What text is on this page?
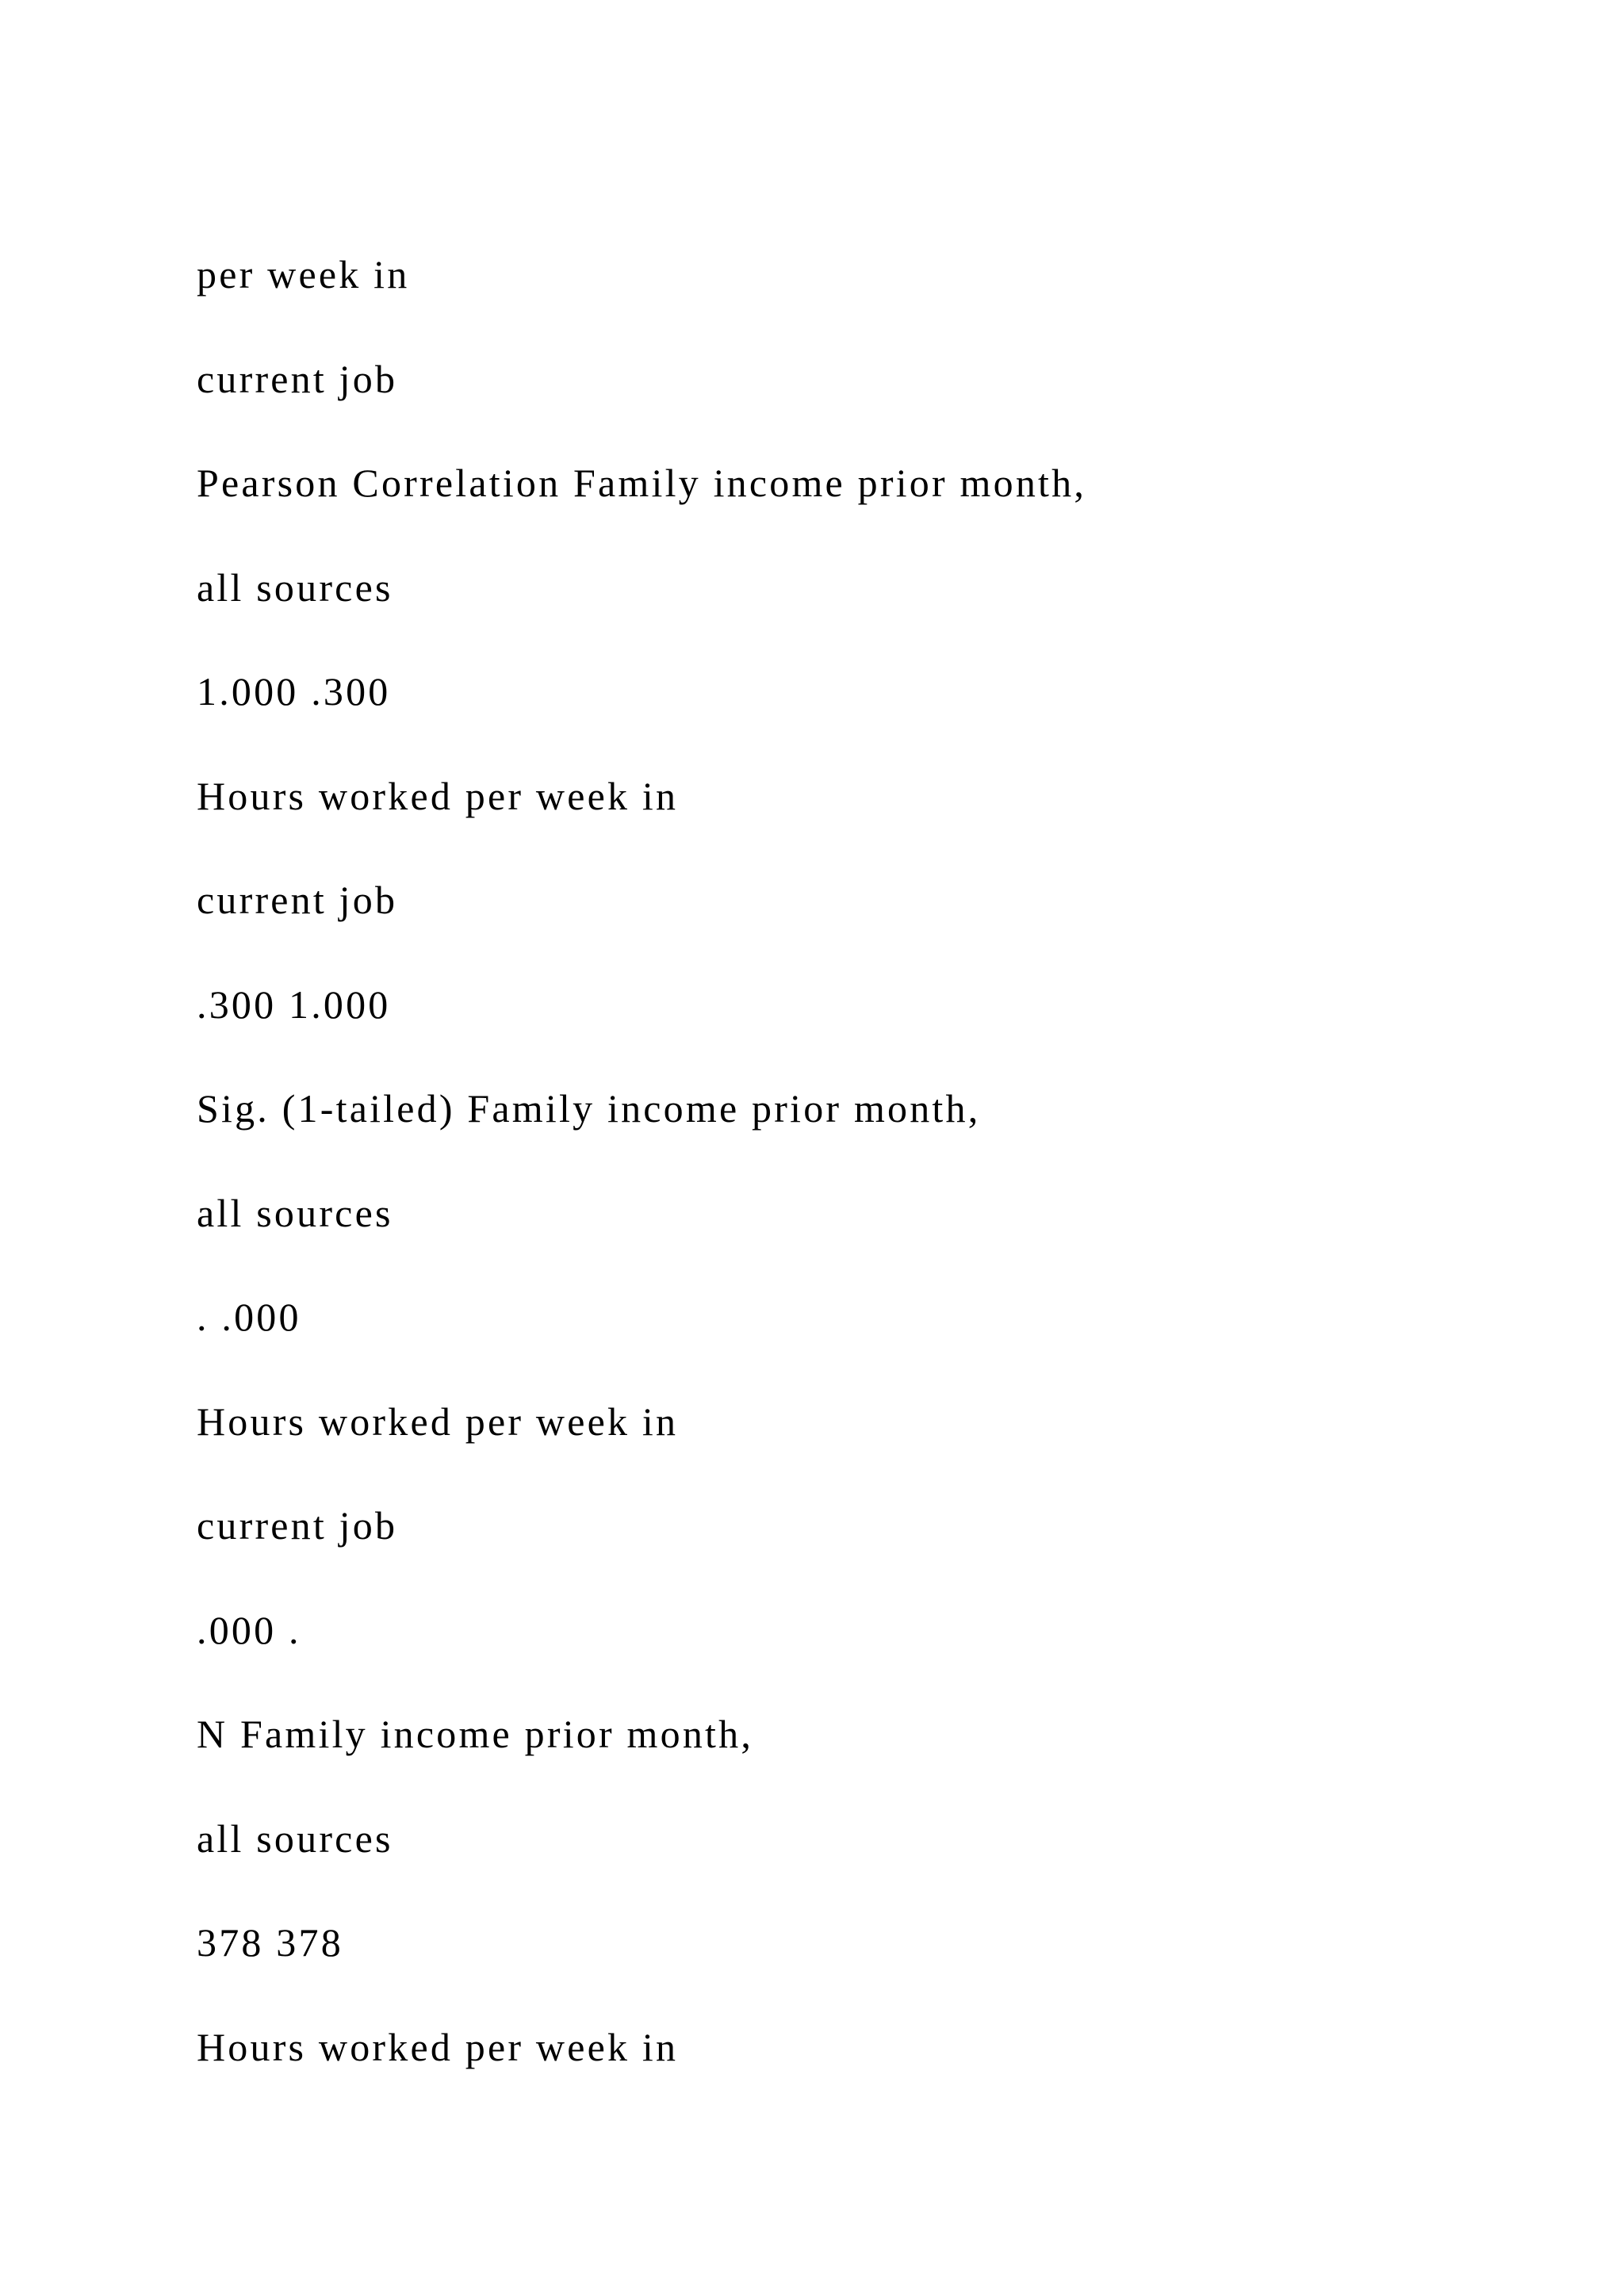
per week in
current job
Pearson Correlation Family income prior month,
all sources
1.000 .300
Hours worked per week in
current job
.300 1.000
Sig. (1-tailed) Family income prior month,
all sources
. .000
Hours worked per week in
current job
.000 .
N Family income prior month,
all sources
378 378
Hours worked per week in
